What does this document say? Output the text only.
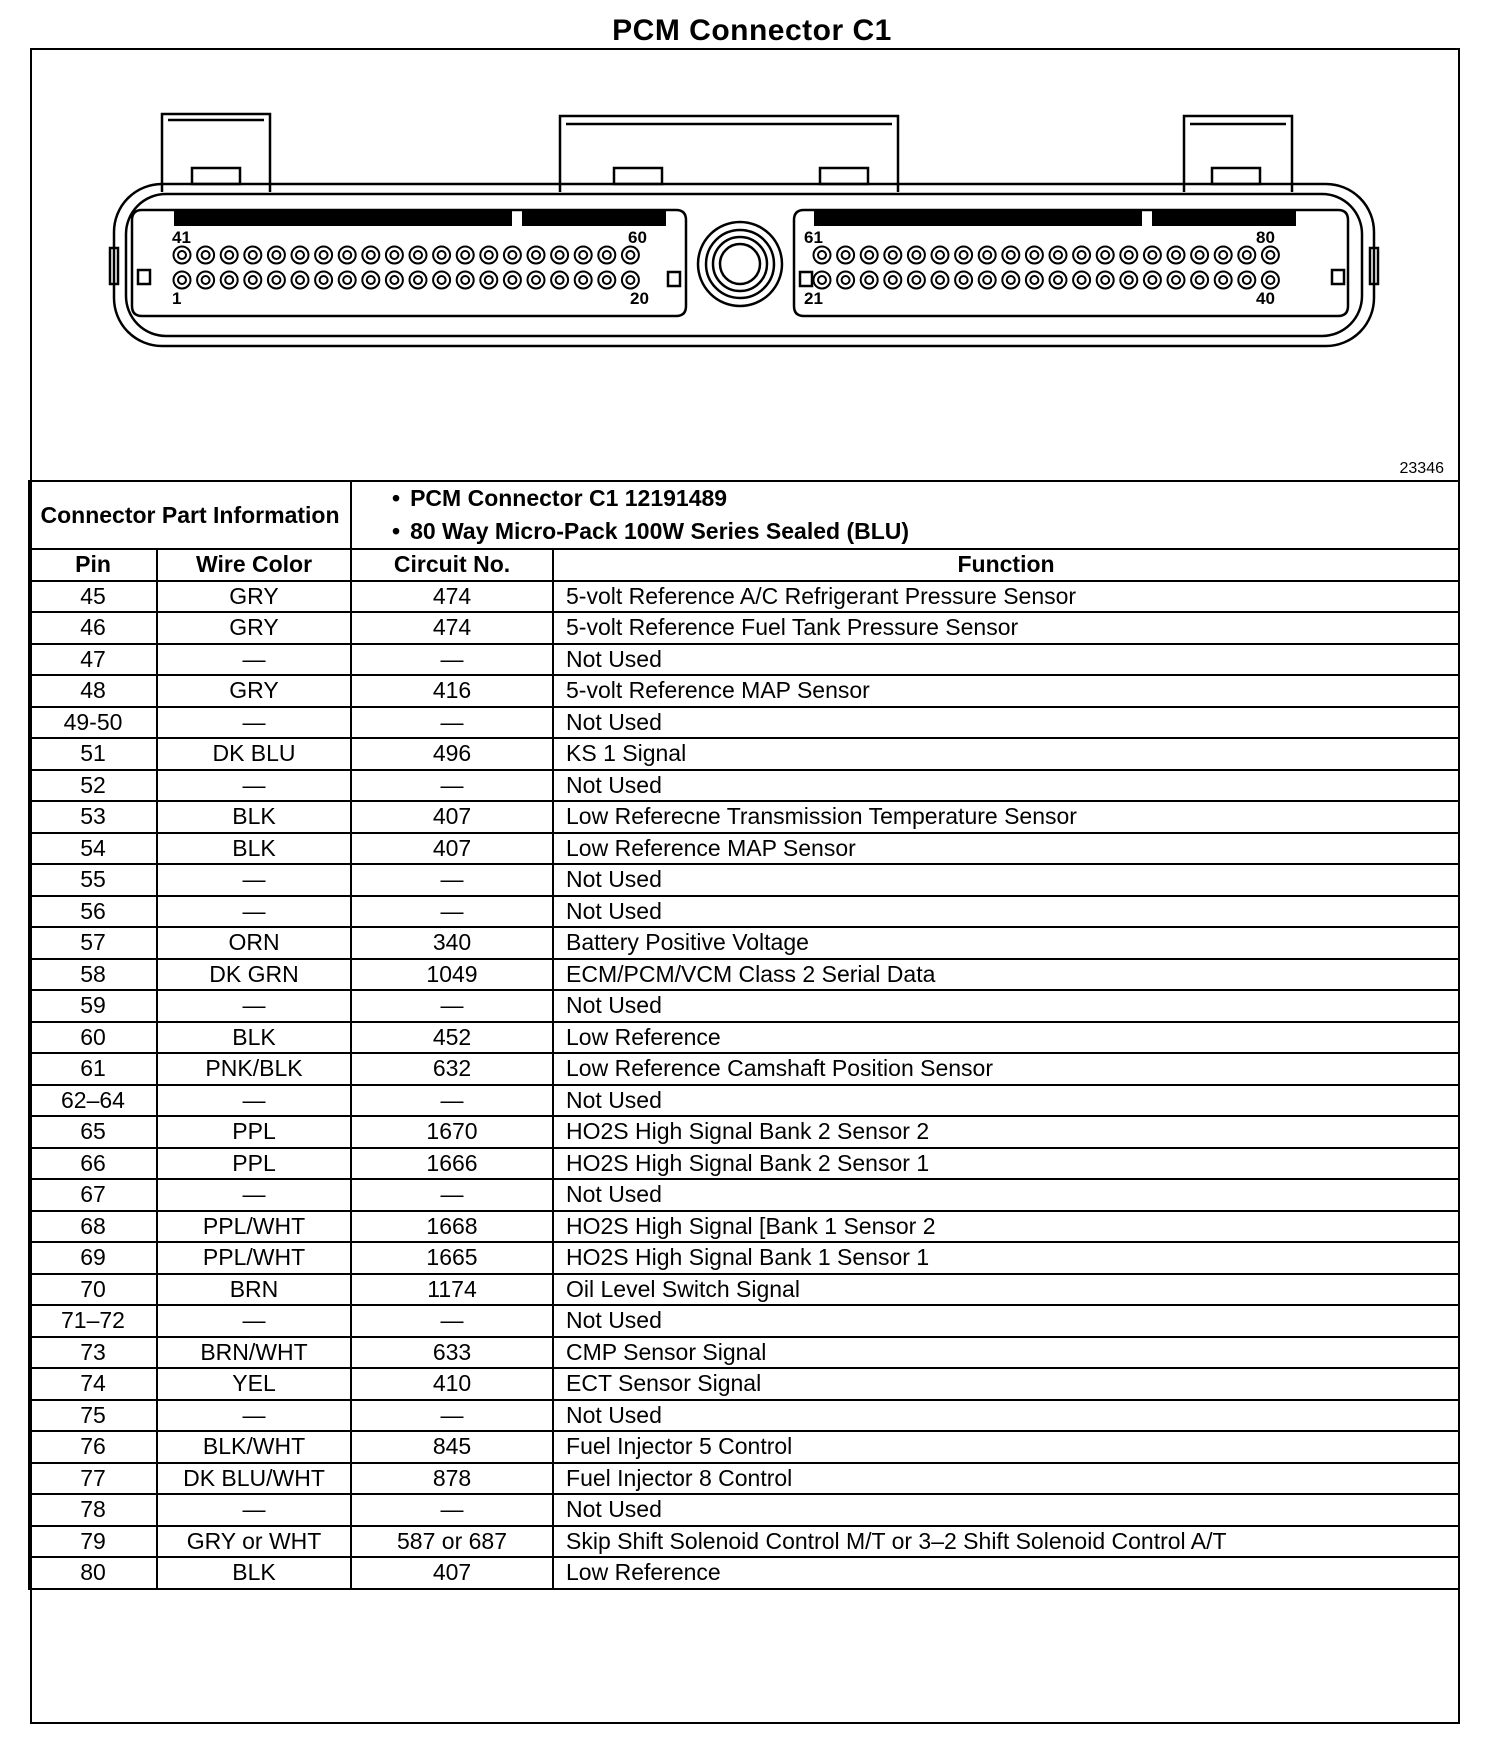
PCM Connector C1
41	60
1	20
61	80
21	40
23346
Connector Part Information		• PCM Connector C1 12191489
• 80 Way Micro-Pack 100W Series Sealed (BLU)	

Pin	Wire Color	Circuit No.	Function
45	GRY	474	5-volt Reference A/C Refrigerant Pressure Sensor
46	GRY	474	5-volt Reference Fuel Tank Pressure Sensor
47	—	—	Not Used
48	GRY	416	5-volt Reference MAP Sensor
49-50	—	—	Not Used
51	DK BLU	496	KS 1 Signal
52	—	—	Not Used
53	BLK	407	Low Referecne Transmission Temperature Sensor
54	BLK	407	Low Reference MAP Sensor
55	—	—	Not Used
56	—	—	Not Used
57	ORN	340	Battery Positive Voltage
58	DK GRN	1049	ECM/PCM/VCM Class 2 Serial Data
59	—	—	Not Used
60	BLK	452	Low Reference
61	PNK/BLK	632	Low Reference Camshaft Position Sensor
62–64	—	—	Not Used
65	PPL	1670	HO2S High Signal Bank 2 Sensor 2
66	PPL	1666	HO2S High Signal Bank 2 Sensor 1
67	—	—	Not Used
68	PPL/WHT	1668	HO2S High Signal [Bank 1 Sensor 2
69	PPL/WHT	1665	HO2S High Signal Bank 1 Sensor 1
70	BRN	1174	Oil Level Switch Signal
71–72	—	—	Not Used
73	BRN/WHT	633	CMP Sensor Signal
74	YEL	410	ECT Sensor Signal
75	—	—	Not Used
76	BLK/WHT	845	Fuel Injector 5 Control
77	DK BLU/WHT	878	Fuel Injector 8 Control
78	—	—	Not Used
79	GRY or WHT	587 or 687	Skip Shift Solenoid Control M/T or 3–2 Shift Solenoid Control A/T
80	BLK	407	Low Reference
